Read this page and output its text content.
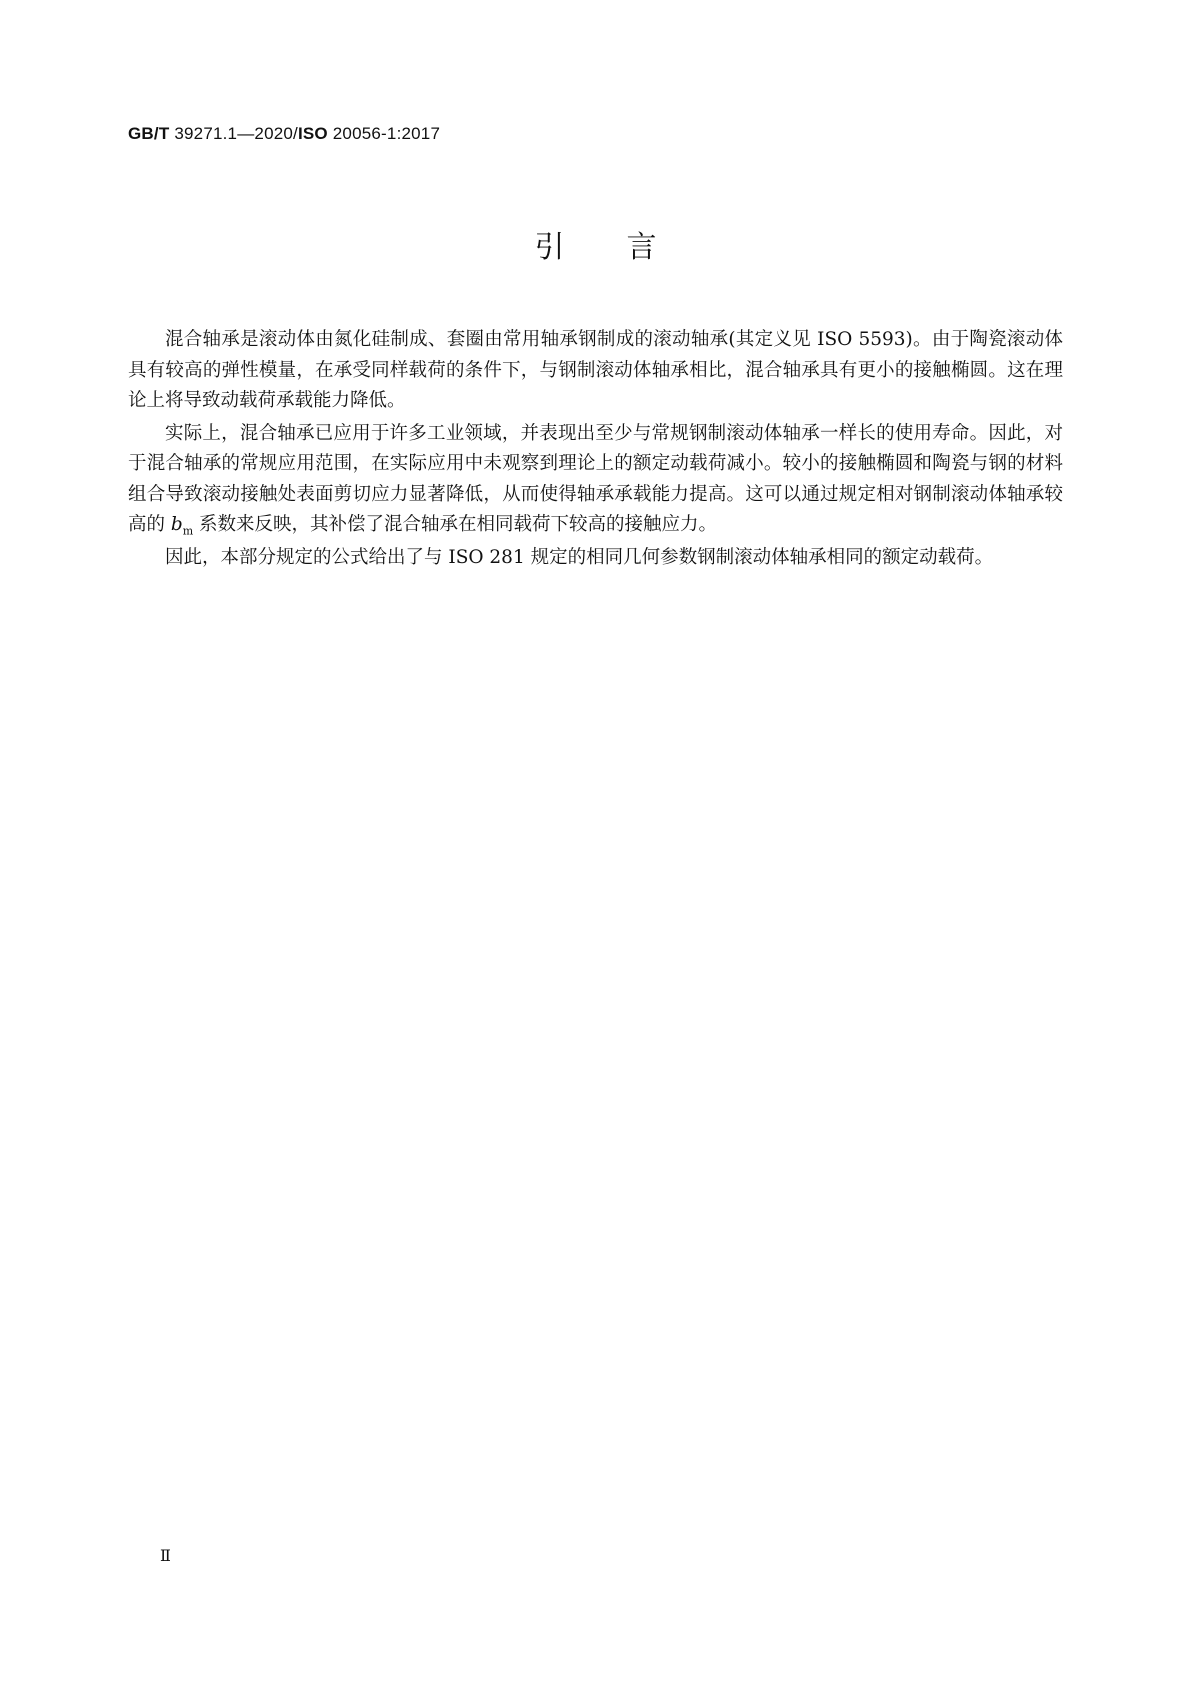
GB/T 39271.1—2020/ISO 20056-1:2017
引言

混合轴承是滚动体由氮化硅制成、套圈由常用轴承钢制成的滚动轴承(其定义见 ISO 5593)。由于陶瓷滚动体具有较高的弹性模量，在承受同样载荷的条件下，与钢制滚动体轴承相比，混合轴承具有更小的接触椭圆。这在理论上将导致动载荷承载能力降低。

实际上，混合轴承已应用于许多工业领域，并表现出至少与常规钢制滚动体轴承一样长的使用寿命。因此，对于混合轴承的常规应用范围，在实际应用中未观察到理论上的额定动载荷减小。较小的接触椭圆和陶瓷与钢的材料组合导致滚动接触处表面剪切应力显著降低，从而使得轴承承载能力提高。这可以通过规定相对钢制滚动体轴承较高的 $b_m$ 系数来反映，其补偿了混合轴承在相同载荷下较高的接触应力。

因此，本部分规定的公式给出了与 ISO 281 规定的相同几何参数钢制滚动体轴承相同的额定动载荷。

Ⅱ
